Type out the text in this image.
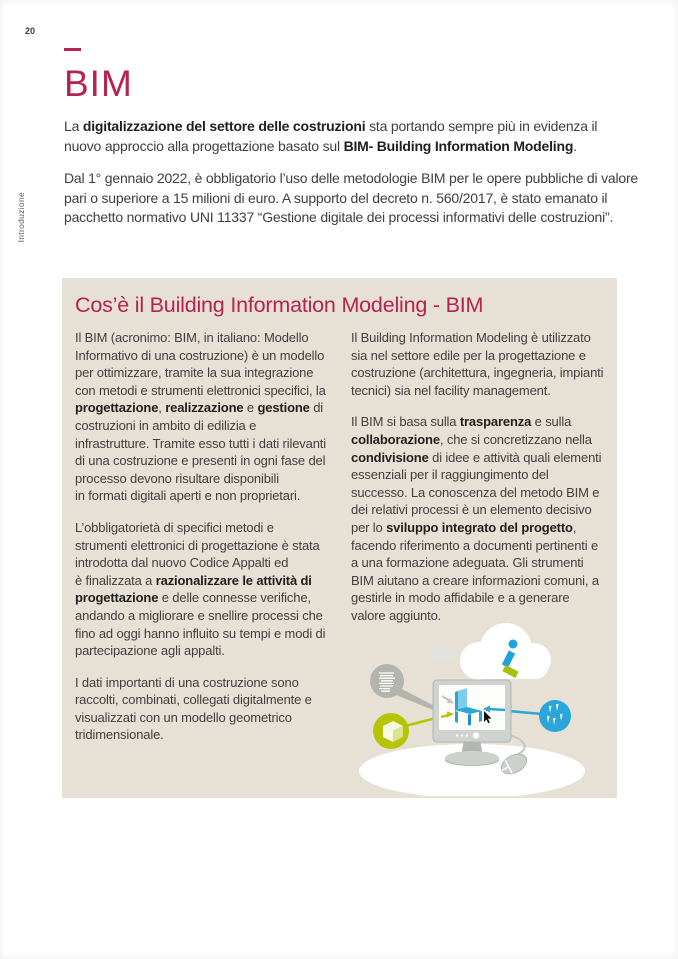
20
Introduzione
BIM

La digitalizzazione del settore delle costruzioni sta portando sempre più in evidenza il nuovo approccio alla progettazione basato sul BIM- Building Information Modeling.

Dal 1° gennaio 2022, è obbligatorio l’uso delle metodologie BIM per le opere pubbliche di valore pari o superiore a 15 milioni di euro. A supporto del decreto n. 560/2017, è stato emanato il pacchetto normativo UNI 11337 “Gestione digitale dei processi informativi delle costruzioni”.

Cos’è il Building Information Modeling - BIM

Il BIM (acronimo: BIM, in italiano: Modello Informativo di una costruzione) è un modello per ottimizzare, tramite la sua integrazione con metodi e strumenti elettronici specifici, la progettazione, realizzazione e gestione di costruzioni in ambito di edilizia e infrastrutture. Tramite esso tutti i dati rilevanti di una costruzione e presenti in ogni fase del processo devono risultare disponibili
in formati digitali aperti e non proprietari.

L’obbligatorietà di specifici metodi e strumenti elettronici di progettazione è stata introdotta dal nuovo Codice Appalti ed
è finalizzata a razionalizzare le attività di progettazione e delle connesse verifiche, andando a migliorare e snellire processi che fino ad oggi hanno influito su tempi e modi di partecipazione agli appalti.

I dati importanti di una costruzione sono raccolti, combinati, collegati digitalmente e visualizzati con un modello geometrico tridimensionale.

Il Building Information Modeling è utilizzato sia nel settore edile per la progettazione e costruzione (architettura, ingegneria, impianti tecnici) sia nel facility management.

Il BIM si basa sulla trasparenza e sulla collaborazione, che si concretizzano nella condivisione di idee e attività quali elementi essenziali per il raggiungimento del successo. La conoscenza del metodo BIM e dei relativi processi è un elemento decisivo per lo sviluppo integrato del progetto, facendo riferimento a documenti pertinenti e a una formazione adeguata. Gli strumenti BIM aiutano a creare informazioni comuni, a gestirle in modo affidabile e a generare valore aggiunto.
